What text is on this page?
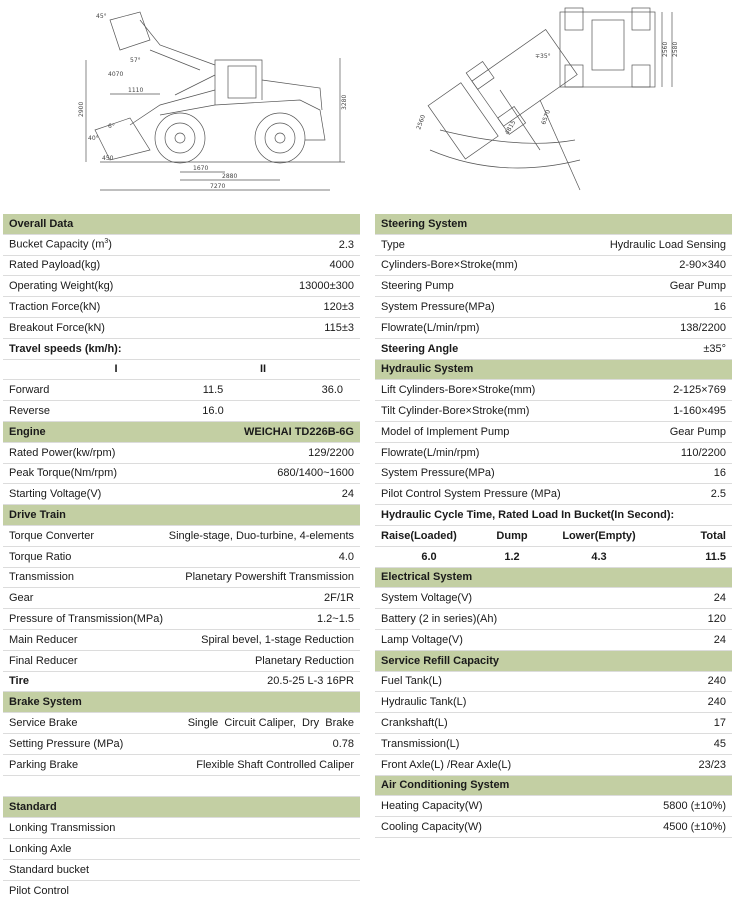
45°
57°
40°
6°
1110
2900	3280
1670
2880
7270
450
4070
2560 2580
2560	6570
4815
∓35°
Overall Data
Bucket Capacity $(m^3)$	2.3
Rated Payload(kg)	4000
Operating Weight(kg)	13000±300
Traction Force(kN)	120±3
Breakout Force(kN)	115±3
Travel speeds (km/h):
I	II
Forward	11.5	36.0
Reverse	16.0
Engine	WEICHAI TD226B-6G
Rated Power(kw/rpm)	129/2200
Peak Torque(Nm/rpm)	680/1400~1600
Starting Voltage(V)	24
Drive Train
Torque Converter	Single-stage, Duo-turbine, 4-elements
Torque Ratio	4.0
Transmission	Planetary Powershift Transmission
Gear	2F/1R
Pressure of Transmission(MPa)	1.2~1.5
Main Reducer	Spiral bevel, 1-stage Reduction
Final Reducer	Planetary Reduction
Tire	20.5-25 L-3 16PR
Brake System
Service Brake	Single  Circuit Caliper,  Dry  Brake
Setting Pressure (MPa)	0.78
Parking Brake	Flexible Shaft Controlled Caliper
Standard
Lonking Transmission
Lonking Axle
Standard bucket
Pilot Control
Steering System
Type	Hydraulic Load Sensing
Cylinders-Bore×Stroke(mm)	2-90×340
Steering Pump	Gear Pump
System Pressure(MPa)	16
Flowrate(L/min/rpm)	138/2200
Steering Angle	±35°
Hydraulic System
Lift Cylinders-Bore×Stroke(mm)	2-125×769
Tilt Cylinder-Bore×Stroke(mm)	1-160×495
Model of Implement Pump	Gear Pump
Flowrate(L/min/rpm)	110/2200
System Pressure(MPa)	16
Pilot Control System Pressure (MPa)	2.5
Hydraulic Cycle Time, Rated Load In Bucket(In Second):
Raise(Loaded)	Dump	Lower(Empty)	Total
6.0	1.2	4.3	11.5
Electrical System
System Voltage(V)	24
Battery (2 in series)(Ah)	120
Lamp Voltage(V)	24
Service Refill Capacity
Fuel Tank(L)	240
Hydraulic Tank(L)	240
Crankshaft(L)	17
Transmission(L)	45
Front Axle(L) /Rear Axle(L)	23/23
Air Conditioning System
Heating Capacity(W)	5800 (±10%)
Cooling Capacity(W)	4500 (±10%)
